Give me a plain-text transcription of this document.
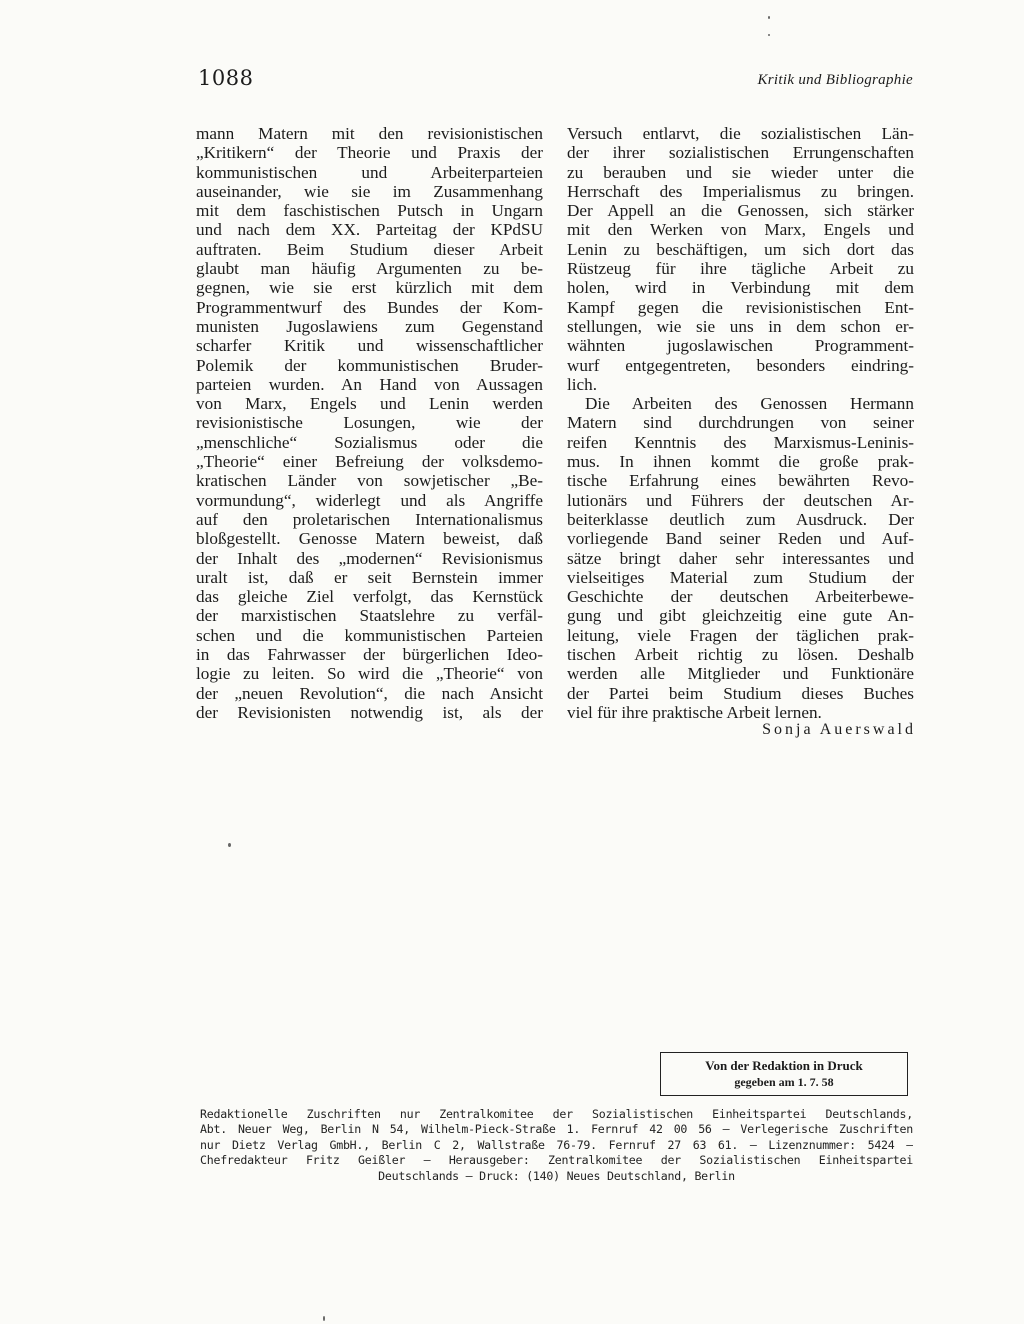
1088	Kritik und Bibliographie
mann Matern mit den revisionistischen
„Kritikern“ der Theorie und Praxis der
kommunistischen und Arbeiterparteien
auseinander, wie sie im Zusammenhang
mit dem faschistischen Putsch in Ungarn
und nach dem XX. Parteitag der KPdSU
auftraten. Beim Studium dieser Arbeit
glaubt man häufig Argumenten zu be-
gegnen, wie sie erst kürzlich mit dem
Programmentwurf des Bundes der Kom-
munisten Jugoslawiens zum Gegenstand
scharfer Kritik und wissenschaftlicher
Polemik der kommunistischen Bruder-
parteien wurden. An Hand von Aussagen
von Marx, Engels und Lenin werden
revisionistische Losungen, wie der
„menschliche“ Sozialismus oder die
„Theorie“ einer Befreiung der volksdemo-
kratischen Länder von sowjetischer „Be-
vormundung“, widerlegt und als Angriffe
auf den proletarischen Internationalismus
bloßgestellt. Genosse Matern beweist, daß
der Inhalt des „modernen“ Revisionismus
uralt ist, daß er seit Bernstein immer
das gleiche Ziel verfolgt, das Kernstück
der marxistischen Staatslehre zu verfäl-
schen und die kommunistischen Parteien
in das Fahrwasser der bürgerlichen Ideo-
logie zu leiten. So wird die „Theorie“ von
der „neuen Revolution“, die nach Ansicht
der Revisionisten notwendig ist, als der
Versuch entlarvt, die sozialistischen Län-
der ihrer sozialistischen Errungenschaften
zu berauben und sie wieder unter die
Herrschaft des Imperialismus zu bringen.
Der Appell an die Genossen, sich stärker
mit den Werken von Marx, Engels und
Lenin zu beschäftigen, um sich dort das
Rüstzeug für ihre tägliche Arbeit zu
holen, wird in Verbindung mit dem
Kampf gegen die revisionistischen Ent-
stellungen, wie sie uns in dem schon er-
wähnten jugoslawischen Programment-
wurf entgegentreten, besonders eindring-
lich.
Die Arbeiten des Genossen Hermann
Matern sind durchdrungen von seiner
reifen Kenntnis des Marxismus-Leninis-
mus. In ihnen kommt die große prak-
tische Erfahrung eines bewährten Revo-
lutionärs und Führers der deutschen Ar-
beiterklasse deutlich zum Ausdruck. Der
vorliegende Band seiner Reden und Auf-
sätze bringt daher sehr interessantes und
vielseitiges Material zum Studium der
Geschichte der deutschen Arbeiterbewe-
gung und gibt gleichzeitig eine gute An-
leitung, viele Fragen der täglichen prak-
tischen Arbeit richtig zu lösen. Deshalb
werden alle Mitglieder und Funktionäre
der Partei beim Studium dieses Buches
viel für ihre praktische Arbeit lernen.
Sonja Auerswald
Von der Redaktion in Druck
gegeben am 1. 7. 58
Redaktionelle Zuschriften nur Zentralkomitee der Sozialistischen Einheitspartei Deutschlands,
Abt. Neuer Weg, Berlin N 54, Wilhelm-Pieck-Straße 1. Fernruf 42 00 56 – Verlegerische Zuschriften
nur Dietz Verlag GmbH., Berlin C 2, Wallstraße 76-79. Fernruf 27 63 61. – Lizenznummer: 5424 –
Chefredakteur Fritz Geißler – Herausgeber: Zentralkomitee der Sozialistischen Einheitspartei
Deutschlands – Druck: (140) Neues Deutschland, Berlin
